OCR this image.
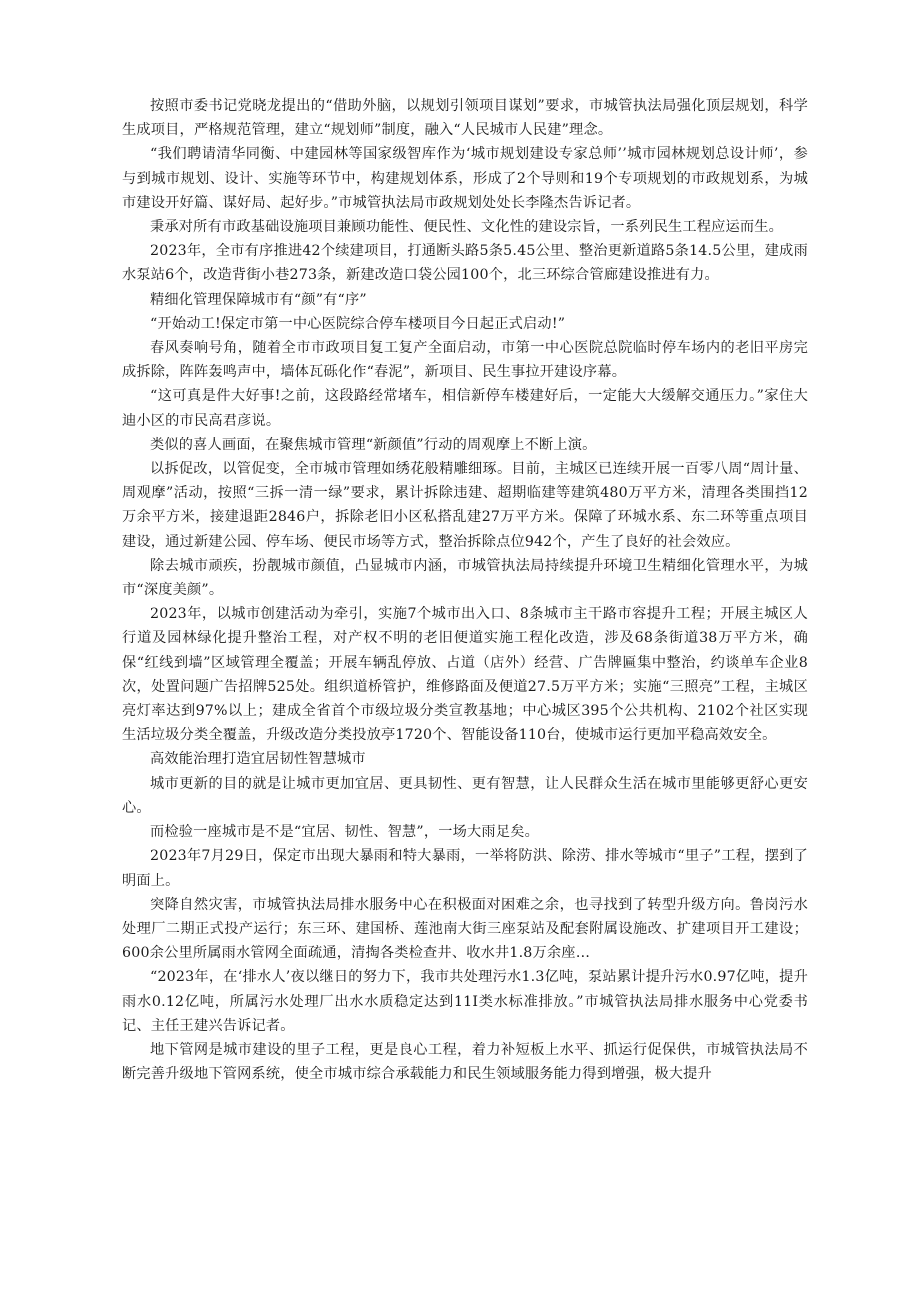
按照市委书记党晓龙提出的“借助外脑，以规划引领项目谋划”要求，市城管执法局强化顶层规划，科学生成项目，严格规范管理，建立“规划师”制度，融入“人民城市人民建”理念。

“我们聘请清华同衡、中建园林等国家级智库作为‘城市规划建设专家总师’’城市园林规划总设计师’，参与到城市规划、设计、实施等环节中，构建规划体系，形成了2个导则和19个专项规划的市政规划系，为城市建设开好篇、谋好局、起好步。”市城管执法局市政规划处处长李隆杰告诉记者。

秉承对所有市政基础设施项目兼顾功能性、便民性、文化性的建设宗旨，一系列民生工程应运而生。

2023年，全市有序推进42个续建项目，打通断头路5条5.45公里、整治更新道路5条14.5公里，建成雨水泵站6个，改造背街小巷273条，新建改造口袋公园100个，北三环综合管廊建设推进有力。

精细化管理保障城市有“颜”有“序”

“开始动工!保定市第一中心医院综合停车楼项目今日起正式启动!”

春风奏响号角，随着全市市政项目复工复产全面启动，市第一中心医院总院临时停车场内的老旧平房完成拆除，阵阵轰鸣声中，墙体瓦砾化作“春泥”，新项目、民生事拉开建设序幕。

“这可真是件大好事!之前，这段路经常堵车，相信新停车楼建好后，一定能大大缓解交通压力。”家住大迪小区的市民高君彦说。

类似的喜人画面，在聚焦城市管理“新颜值”行动的周观摩上不断上演。

以拆促改，以管促变，全市城市管理如绣花般精雕细琢。目前，主城区已连续开展一百零八周“周计量、周观摩”活动，按照“三拆一清一绿”要求，累计拆除违建、超期临建等建筑480万平方米，清理各类围挡12万余平方米，接建退距2846户，拆除老旧小区私搭乱建27万平方米。保障了环城水系、东二环等重点项目建设，通过新建公园、停车场、便民市场等方式，整治拆除点位942个，产生了良好的社会效应。

除去城市顽疾，扮靓城市颜值，凸显城市内涵，市城管执法局持续提升环境卫生精细化管理水平，为城市“深度美颜”。

2023年，以城市创建活动为牵引，实施7个城市出入口、8条城市主干路市容提升工程；开展主城区人行道及园林绿化提升整治工程，对产权不明的老旧便道实施工程化改造，涉及68条街道38万平方米，确保“红线到墙”区域管理全覆盖；开展车辆乱停放、占道（店外）经营、广告牌匾集中整治，约谈单车企业8次，处置问题广告招牌525处。组织道桥管护，维修路面及便道27.5万平方米；实施“三照亮”工程，主城区亮灯率达到97%以上；建成全省首个市级垃圾分类宣教基地；中心城区395个公共机构、2102个社区实现生活垃圾分类全覆盖，升级改造分类投放亭1720个、智能设备110台，使城市运行更加平稳高效安全。

高效能治理打造宜居韧性智慧城市

城市更新的目的就是让城市更加宜居、更具韧性、更有智慧，让人民群众生活在城市里能够更舒心更安心。

而检验一座城市是不是“宜居、韧性、智慧”，一场大雨足矣。

2023年7月29日，保定市出现大暴雨和特大暴雨，一举将防洪、除涝、排水等城市“里子”工程，摆到了明面上。

突降自然灾害，市城管执法局排水服务中心在积极面对困难之余，也寻找到了转型升级方向。鲁岗污水处理厂二期正式投产运行；东三环、建国桥、莲池南大街三座泵站及配套附属设施改、扩建项目开工建设；600余公里所属雨水管网全面疏通，清掏各类检查井、收水井1.8万余座…

“2023年，在‘排水人’夜以继日的努力下，我市共处理污水1.3亿吨，泵站累计提升污水0.97亿吨，提升雨水0.12亿吨，所属污水处理厂出水水质稳定达到11I类水标准排放。”市城管执法局排水服务中心党委书记、主任王建兴告诉记者。

地下管网是城市建设的里子工程，更是良心工程，着力补短板上水平、抓运行促保供，市城管执法局不断完善升级地下管网系统，使全市城市综合承载能力和民生领域服务能力得到增强，极大提升
